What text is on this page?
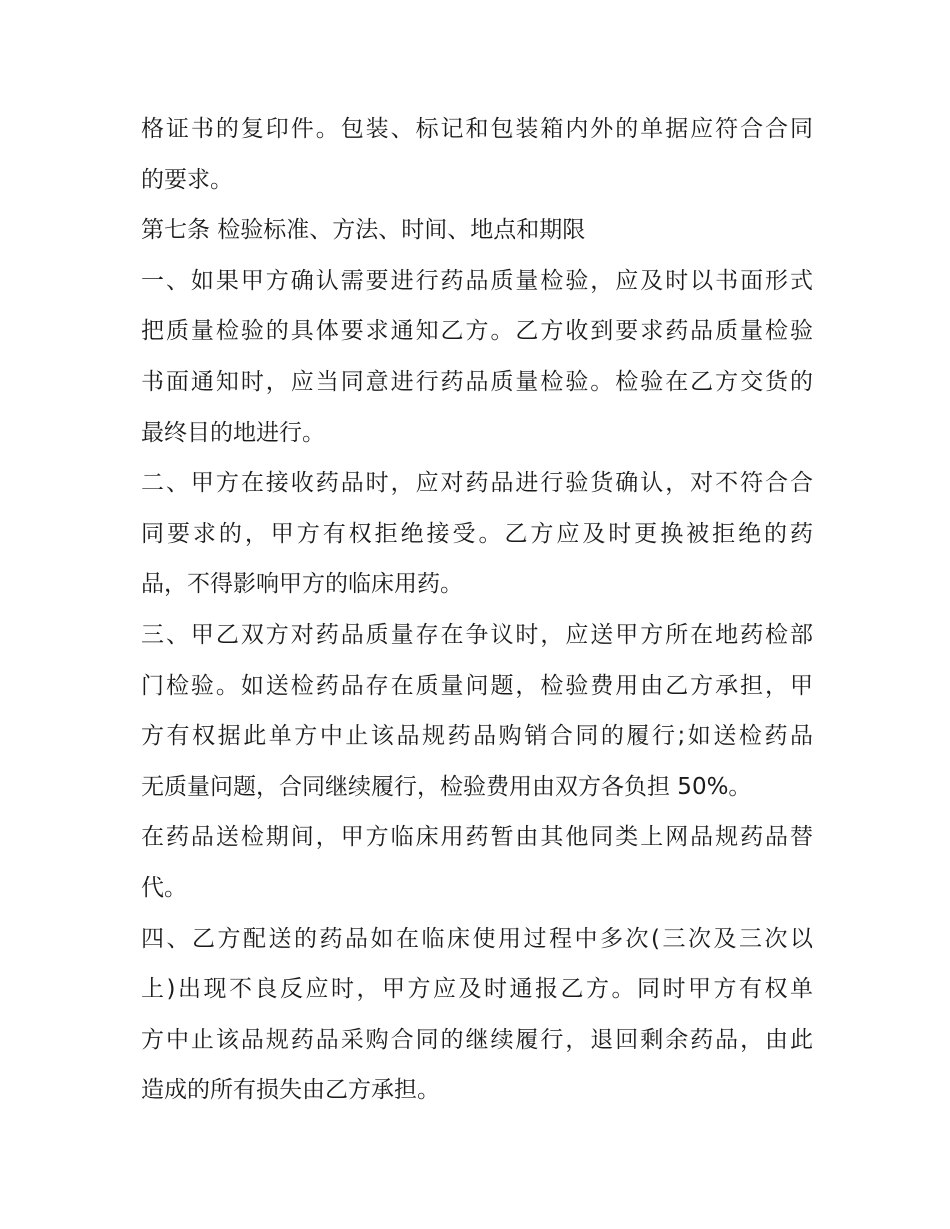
格证书的复印件。包装、标记和包装箱内外的单据应符合合同
的要求。
第七条 检验标准、方法、时间、地点和期限
一、如果甲方确认需要进行药品质量检验，应及时以书面形式
把质量检验的具体要求通知乙方。乙方收到要求药品质量检验
书面通知时，应当同意进行药品质量检验。检验在乙方交货的
最终目的地进行。
二、甲方在接收药品时，应对药品进行验货确认，对不符合合
同要求的，甲方有权拒绝接受。乙方应及时更换被拒绝的药
品，不得影响甲方的临床用药。
三、甲乙双方对药品质量存在争议时，应送甲方所在地药检部
门检验。如送检药品存在质量问题，检验费用由乙方承担，甲
方有权据此单方中止该品规药品购销合同的履行;如送检药品
无质量问题，合同继续履行，检验费用由双方各负担 50%。
在药品送检期间，甲方临床用药暂由其他同类上网品规药品替
代。
四、乙方配送的药品如在临床使用过程中多次(三次及三次以
上)出现不良反应时，甲方应及时通报乙方。同时甲方有权单
方中止该品规药品采购合同的继续履行，退回剩余药品，由此
造成的所有损失由乙方承担。
